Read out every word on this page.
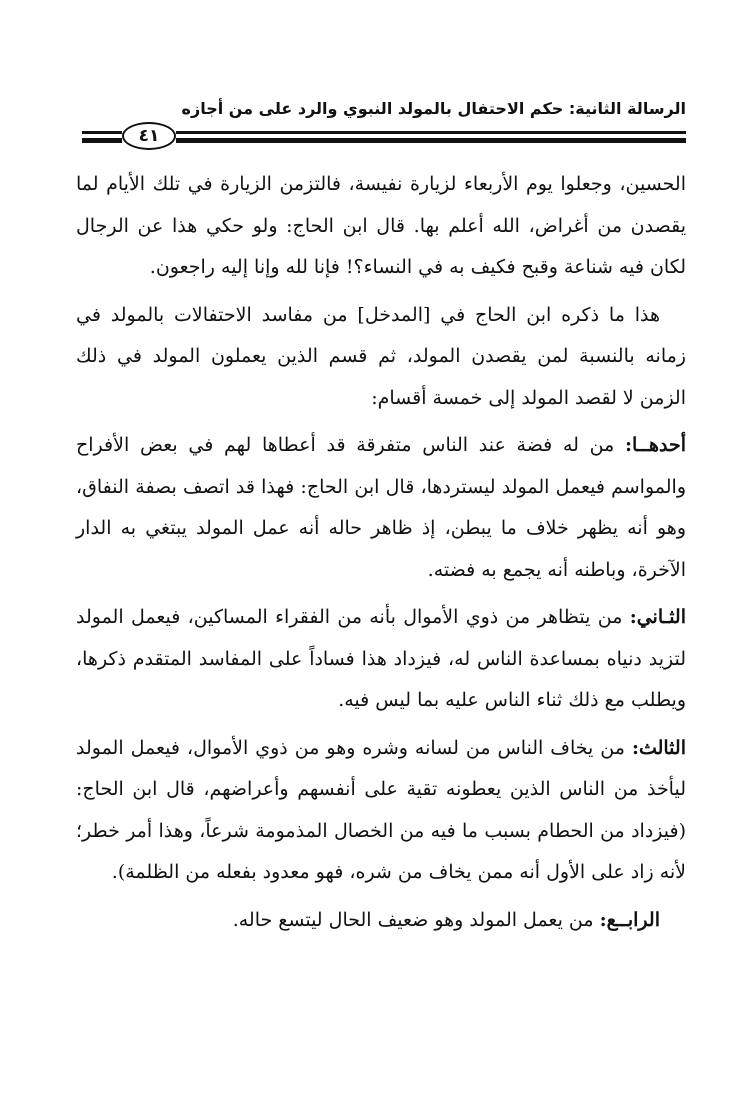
الرسالة الثانية: حكم الاحتفال بالمولد النبوي والرد على من أجازه
٤١

الحسين، وجعلوا يوم الأربعاء لزيارة نفيسة، فالتزمن الزيارة في تلك الأيام لما يقصدن من أغراض، الله أعلم بها. قال ابن الحاج: ولو حكي هذا عن الرجال لكان فيه شناعة وقبح فكيف به في النساء؟! فإنا لله وإنا إليه راجعون.

هذا ما ذكره ابن الحاج في [المدخل] من مفاسد الاحتفالات بالمولد في زمانه بالنسبة لمن يقصدن المولد، ثم قسم الذين يعملون المولد في ذلك الزمن لا لقصد المولد إلى خمسة أقسام:

أحدهــا: من له فضة عند الناس متفرقة قد أعطاها لهم في بعض الأفراح والمواسم فيعمل المولد ليستردها، قال ابن الحاج: فهذا قد اتصف بصفة النفاق، وهو أنه يظهر خلاف ما يبطن، إذ ظاهر حاله أنه عمل المولد يبتغي به الدار الآخرة، وباطنه أنه يجمع به فضته.

الثـاني: من يتظاهر من ذوي الأموال بأنه من الفقراء المساكين، فيعمل المولد لتزيد دنياه بمساعدة الناس له، فيزداد هذا فساداً على المفاسد المتقدم ذكرها، ويطلب مع ذلك ثناء الناس عليه بما ليس فيه.

الثالث: من يخاف الناس من لسانه وشره وهو من ذوي الأموال، فيعمل المولد ليأخذ من الناس الذين يعطونه تقية على أنفسهم وأعراضهم، قال ابن الحاج: (فيزداد من الحطام بسبب ما فيه من الخصال المذمومة شرعاً، وهذا أمر خطر؛ لأنه زاد على الأول أنه ممن يخاف من شره، فهو معدود بفعله من الظلمة).

الرابــع: من يعمل المولد وهو ضعيف الحال ليتسع حاله.
